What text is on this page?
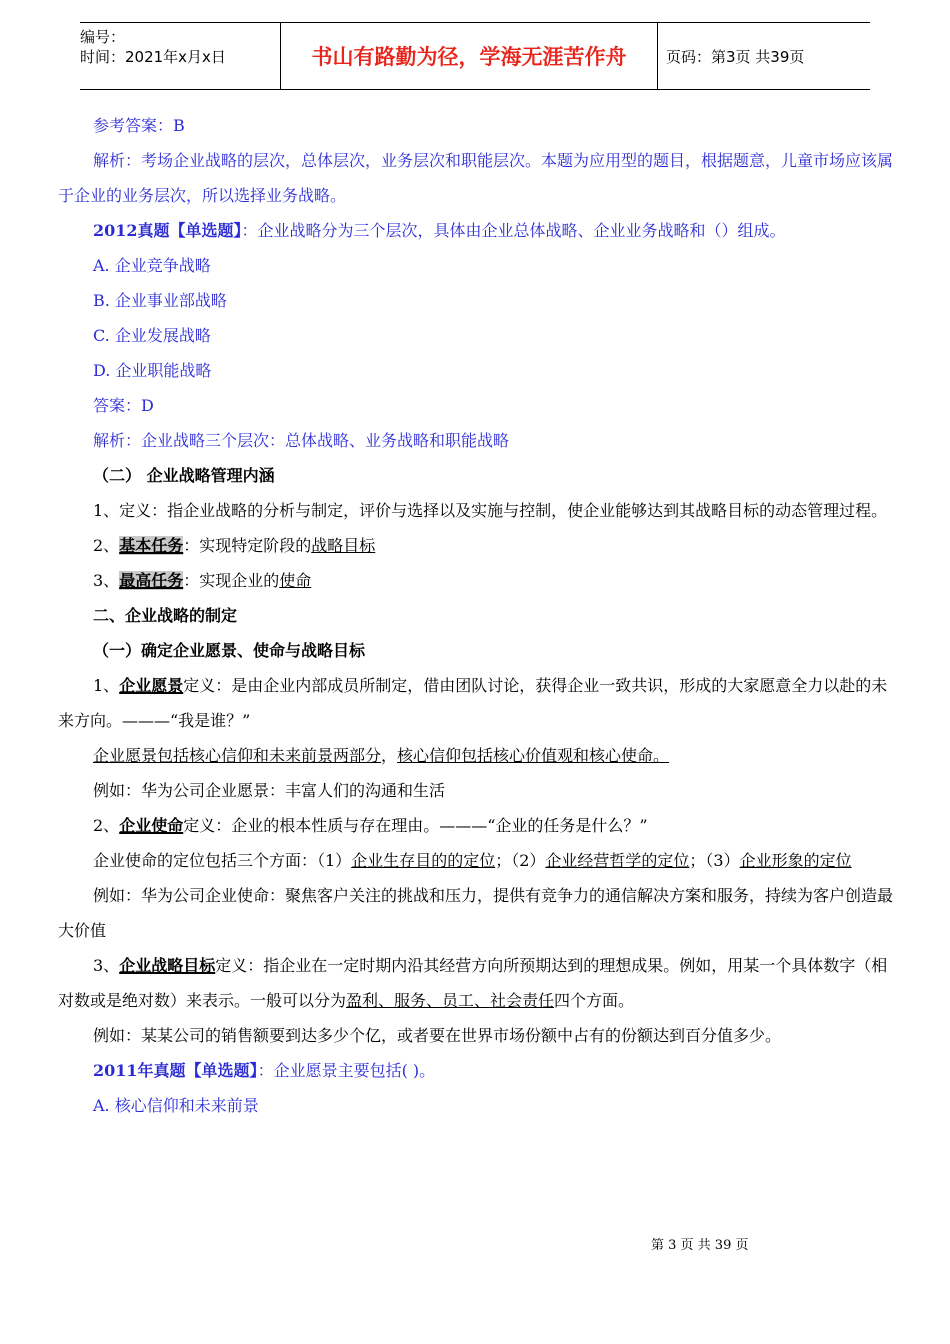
编号：
时间：2021年x月x日	书山有路勤为径，学海无涯苦作舟	页码：第3页 共39页

参考答案：B

解析：考场企业战略的层次，总体层次，业务层次和职能层次。本题为应用型的题目，根据题意，儿童市场应该属于企业的业务层次，所以选择业务战略。

2012真题【单选题】：企业战略分为三个层次，具体由企业总体战略、企业业务战略和（）组成。

A. 企业竞争战略

B. 企业事业部战略

C. 企业发展战略

D. 企业职能战略

答案：D

解析：企业战略三个层次：总体战略、业务战略和职能战略

（二） 企业战略管理内涵

1、定义：指企业战略的分析与制定，评价与选择以及实施与控制，使企业能够达到其战略目标的动态管理过程。

2、基本任务：实现特定阶段的战略目标

3、最高任务：实现企业的使命

二、企业战略的制定

（一）确定企业愿景、使命与战略目标

1、企业愿景定义：是由企业内部成员所制定，借由团队讨论，获得企业一致共识，形成的大家愿意全力以赴的未来方向。———“我是谁？”

企业愿景包括核心信仰和未来前景两部分，核心信仰包括核心价值观和核心使命。

例如：华为公司企业愿景：丰富人们的沟通和生活

2、企业使命定义：企业的根本性质与存在理由。———“企业的任务是什么？”

企业使命的定位包括三个方面：（1）企业生存目的的定位；（2）企业经营哲学的定位；（3）企业形象的定位

例如：华为公司企业使命：聚焦客户关注的挑战和压力，提供有竞争力的通信解决方案和服务，持续为客户创造最大价值

3、企业战略目标定义：指企业在一定时期内沿其经营方向所预期达到的理想成果。例如，用某一个具体数字（相对数或是绝对数）来表示。一般可以分为盈利、服务、员工、社会责任四个方面。

例如：某某公司的销售额要到达多少个亿，或者要在世界市场份额中占有的份额达到百分值多少。

2011年真题【单选题】：企业愿景主要包括( )。

A. 核心信仰和未来前景

第 3 页 共 39 页
